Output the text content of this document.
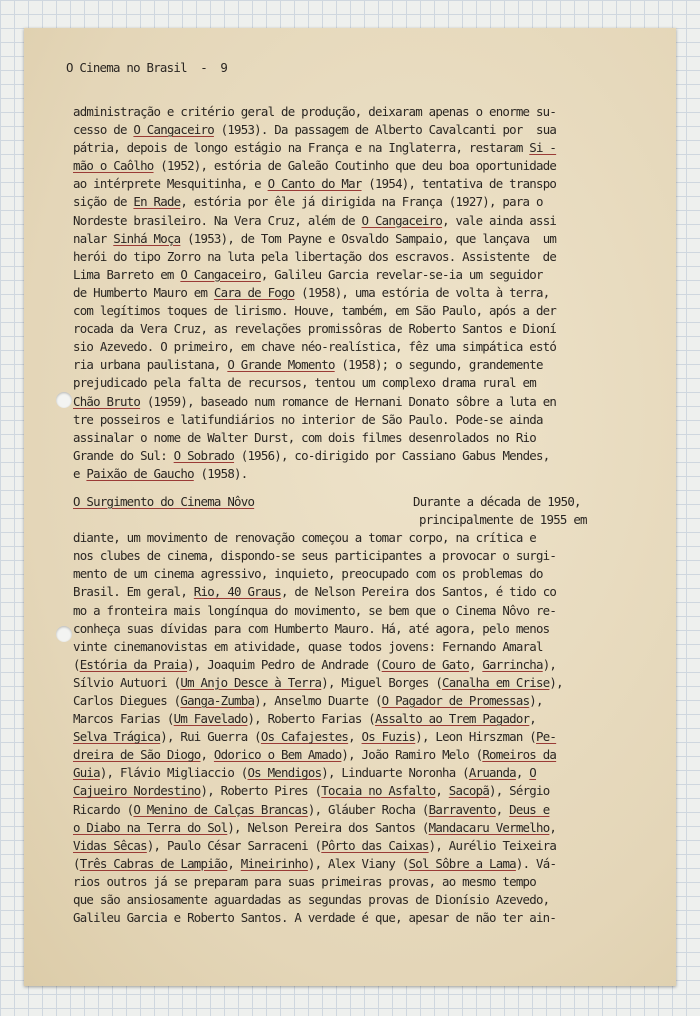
O Cinema no Brasil  -  9
administração e critério geral de produção, deixaram apenas o enorme su-
cesso de O Cangaceiro (1953). Da passagem de Alberto Cavalcanti por  sua
pátria, depois de longo estágio na França e na Inglaterra, restaram Si -
mão o Caôlho (1952), estória de Galeão Coutinho que deu boa oportunidade
ao intérprete Mesquitinha, e O Canto do Mar (1954), tentativa de transpo
sição de En Rade, estória por êle já dirigida na França (1927), para o
Nordeste brasileiro. Na Vera Cruz, além de O Cangaceiro, vale ainda assi
nalar Sinhá Moça (1953), de Tom Payne e Osvaldo Sampaio, que lançava  um
herói do tipo Zorro na luta pela libertação dos escravos. Assistente  de
Lima Barreto em O Cangaceiro, Galileu Garcia revelar-se-ia um seguidor
de Humberto Mauro em Cara de Fogo (1958), uma estória de volta à terra,
com legítimos toques de lirismo. Houve, também, em São Paulo, após a der
rocada da Vera Cruz, as revelações promissôras de Roberto Santos e Dioní
sio Azevedo. O primeiro, em chave néo-realística, fêz uma simpática estó
ria urbana paulistana, O Grande Momento (1958); o segundo, grandemente
prejudicado pela falta de recursos, tentou um complexo drama rural em
Chão Bruto (1959), baseado num romance de Hernani Donato sôbre a luta en
tre posseiros e latifundiários no interior de São Paulo. Pode-se ainda
assinalar o nome de Walter Durst, com dois filmes desenrolados no Rio
Grande do Sul: O Sobrado (1956), co-dirigido por Cassiano Gabus Mendes,
e Paixão de Gaucho (1958).
O Surgimento do Cinema Nôvo	Durante a década de 1950,
principalmente de 1955 em
diante, um movimento de renovação começou a tomar corpo, na crítica e
nos clubes de cinema, dispondo-se seus participantes a provocar o surgi-
mento de um cinema agressivo, inquieto, preocupado com os problemas do
Brasil. Em geral, Rio, 40 Graus, de Nelson Pereira dos Santos, é tido co
mo a fronteira mais longínqua do movimento, se bem que o Cinema Nôvo re-
conheça suas dívidas para com Humberto Mauro. Há, até agora, pelo menos
vinte cinemanovistas em atividade, quase todos jovens: Fernando Amaral
(Estória da Praia), Joaquim Pedro de Andrade (Couro de Gato, Garrincha),
Sílvio Autuori (Um Anjo Desce à Terra), Miguel Borges (Canalha em Crise),
Carlos Diegues (Ganga-Zumba), Anselmo Duarte (O Pagador de Promessas),
Marcos Farias (Um Favelado), Roberto Farias (Assalto ao Trem Pagador,
Selva Trágica), Rui Guerra (Os Cafajestes, Os Fuzis), Leon Hirszman (Pe-
dreira de São Diogo, Odorico o Bem Amado), João Ramiro Melo (Romeiros da
Guia), Flávio Migliaccio (Os Mendigos), Linduarte Noronha (Aruanda, O
Cajueiro Nordestino), Roberto Pires (Tocaia no Asfalto, Sacopã), Sérgio
Ricardo (O Menino de Calças Brancas), Gláuber Rocha (Barravento, Deus e
o Diabo na Terra do Sol), Nelson Pereira dos Santos (Mandacaru Vermelho,
Vidas Sêcas), Paulo César Sarraceni (Pôrto das Caixas), Aurélio Teixeira
(Três Cabras de Lampião, Mineirinho), Alex Viany (Sol Sôbre a Lama). Vá-
rios outros já se preparam para suas primeiras provas, ao mesmo tempo
que são ansiosamente aguardadas as segundas provas de Dionísio Azevedo,
Galileu Garcia e Roberto Santos. A verdade é que, apesar de não ter ain-
